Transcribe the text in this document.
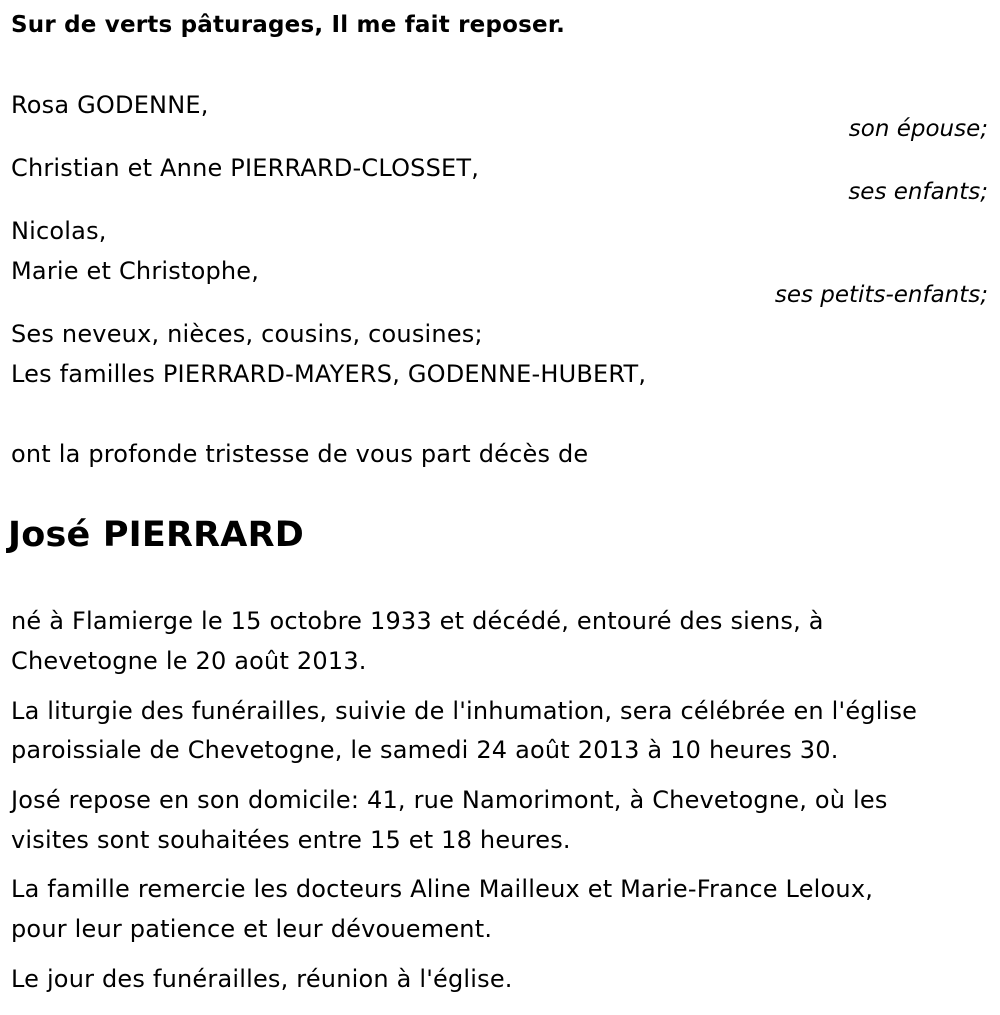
Sur de verts pâturages, Il me fait reposer.
Rosa GODENNE,
son épouse;
Christian et Anne PIERRARD-CLOSSET,
ses enfants;
Nicolas,
Marie et Christophe,
ses petits-enfants;
Ses neveux, nièces, cousins, cousines;
Les familles PIERRARD-MAYERS, GODENNE-HUBERT,
ont la profonde tristesse de vous part décès de
José PIERRARD
né à Flamierge le 15 octobre 1933 et décédé, entouré des siens, à
Chevetogne le 20 août 2013.
La liturgie des funérailles, suivie de l'inhumation, sera célébrée en l'église
paroissiale de Chevetogne, le samedi 24 août 2013 à 10 heures 30.
José repose en son domicile: 41, rue Namorimont, à Chevetogne, où les
visites sont souhaitées entre 15 et 18 heures.
La famille remercie les docteurs Aline Mailleux et Marie-France Leloux,
pour leur patience et leur dévouement.
Le jour des funérailles, réunion à l'église.
